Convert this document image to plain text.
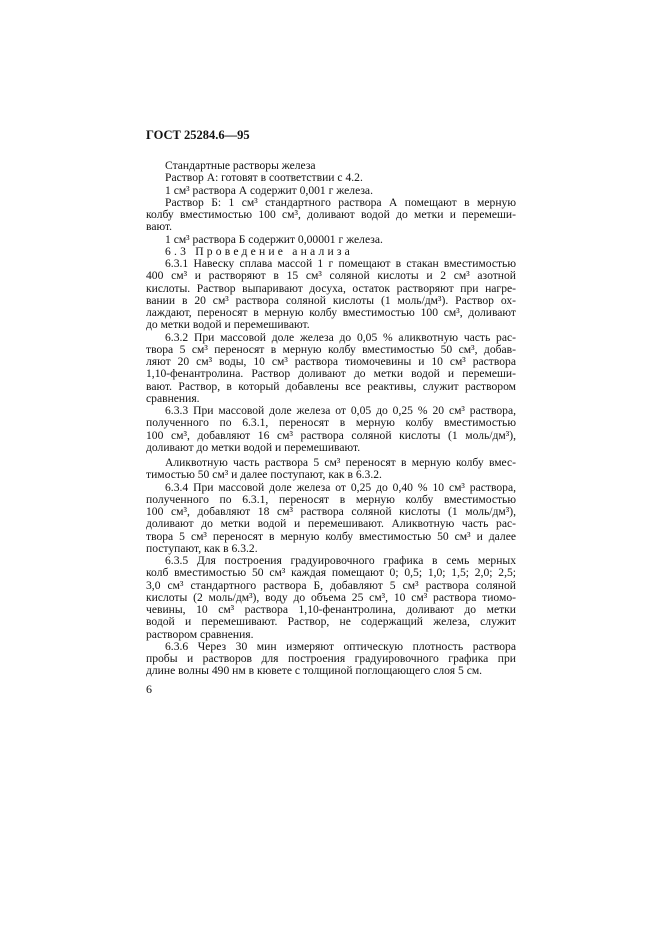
ГОСТ 25284.6—95
Стандартные растворы железа
Раствор А: готовят в соответствии с 4.2.
1 см³ раствора А содержит 0,001 г железа.
Раствор Б: 1 см³ стандартного раствора А помещают в мерную
колбу вместимостью 100 см³, доливают водой до метки и перемеши-
вают.
1 см³ раствора Б содержит 0,00001 г железа.
6.3 Проведение анализа
6.3.1 Навеску сплава массой 1 г помещают в стакан вместимостью
400 см³ и растворяют в 15 см³ соляной кислоты и 2 см³ азотной
кислоты. Раствор выпаривают досуха, остаток растворяют при нагре-
вании в 20 см³ раствора соляной кислоты (1 моль/дм³). Раствор ох-
лаждают, переносят в мерную колбу вместимостью 100 см³, доливают
до метки водой и перемешивают.
6.3.2 При массовой доле железа до 0,05 % аликвотную часть рас-
твора 5 см³ переносят в мерную колбу вместимостью 50 см³, добав-
ляют 20 см³ воды, 10 см³ раствора тиомочевины и 10 см³ раствора
1,10-фенантролина. Раствор доливают до метки водой и перемеши-
вают. Раствор, в который добавлены все реактивы, служит раствором
сравнения.
6.3.3 При массовой доле железа от 0,05 до 0,25 % 20 см³ раствора,
полученного по 6.3.1, переносят в мерную колбу вместимостью
100 см³, добавляют 16 см³ раствора соляной кислоты (1 моль/дм³),
доливают до метки водой и перемешивают.
Аликвотную часть раствора 5 см³ переносят в мерную колбу вмес-
тимостью 50 см³ и далее поступают, как в 6.3.2.
6.3.4 При массовой доле железа от 0,25 до 0,40 % 10 см³ раствора,
полученного по 6.3.1, переносят в мерную колбу вместимостью
100 см³, добавляют 18 см³ раствора соляной кислоты (1 моль/дм³),
доливают до метки водой и перемешивают. Аликвотную часть рас-
твора 5 см³ переносят в мерную колбу вместимостью 50 см³ и далее
поступают, как в 6.3.2.
6.3.5 Для построения градуировочного графика в семь мерных
колб вместимостью 50 см³ каждая помещают 0; 0,5; 1,0; 1,5; 2,0; 2,5;
3,0 см³ стандартного раствора Б, добавляют 5 см³ раствора соляной
кислоты (2 моль/дм³), воду до объема 25 см³, 10 см³ раствора тиомо-
чевины, 10 см³ раствора 1,10-фенантролина, доливают до метки
водой и перемешивают. Раствор, не содержащий железа, служит
раствором сравнения.
6.3.6 Через 30 мин измеряют оптическую плотность раствора
пробы и растворов для построения градуировочного графика при
длине волны 490 нм в кювете с толщиной поглощающего слоя 5 см.
6
